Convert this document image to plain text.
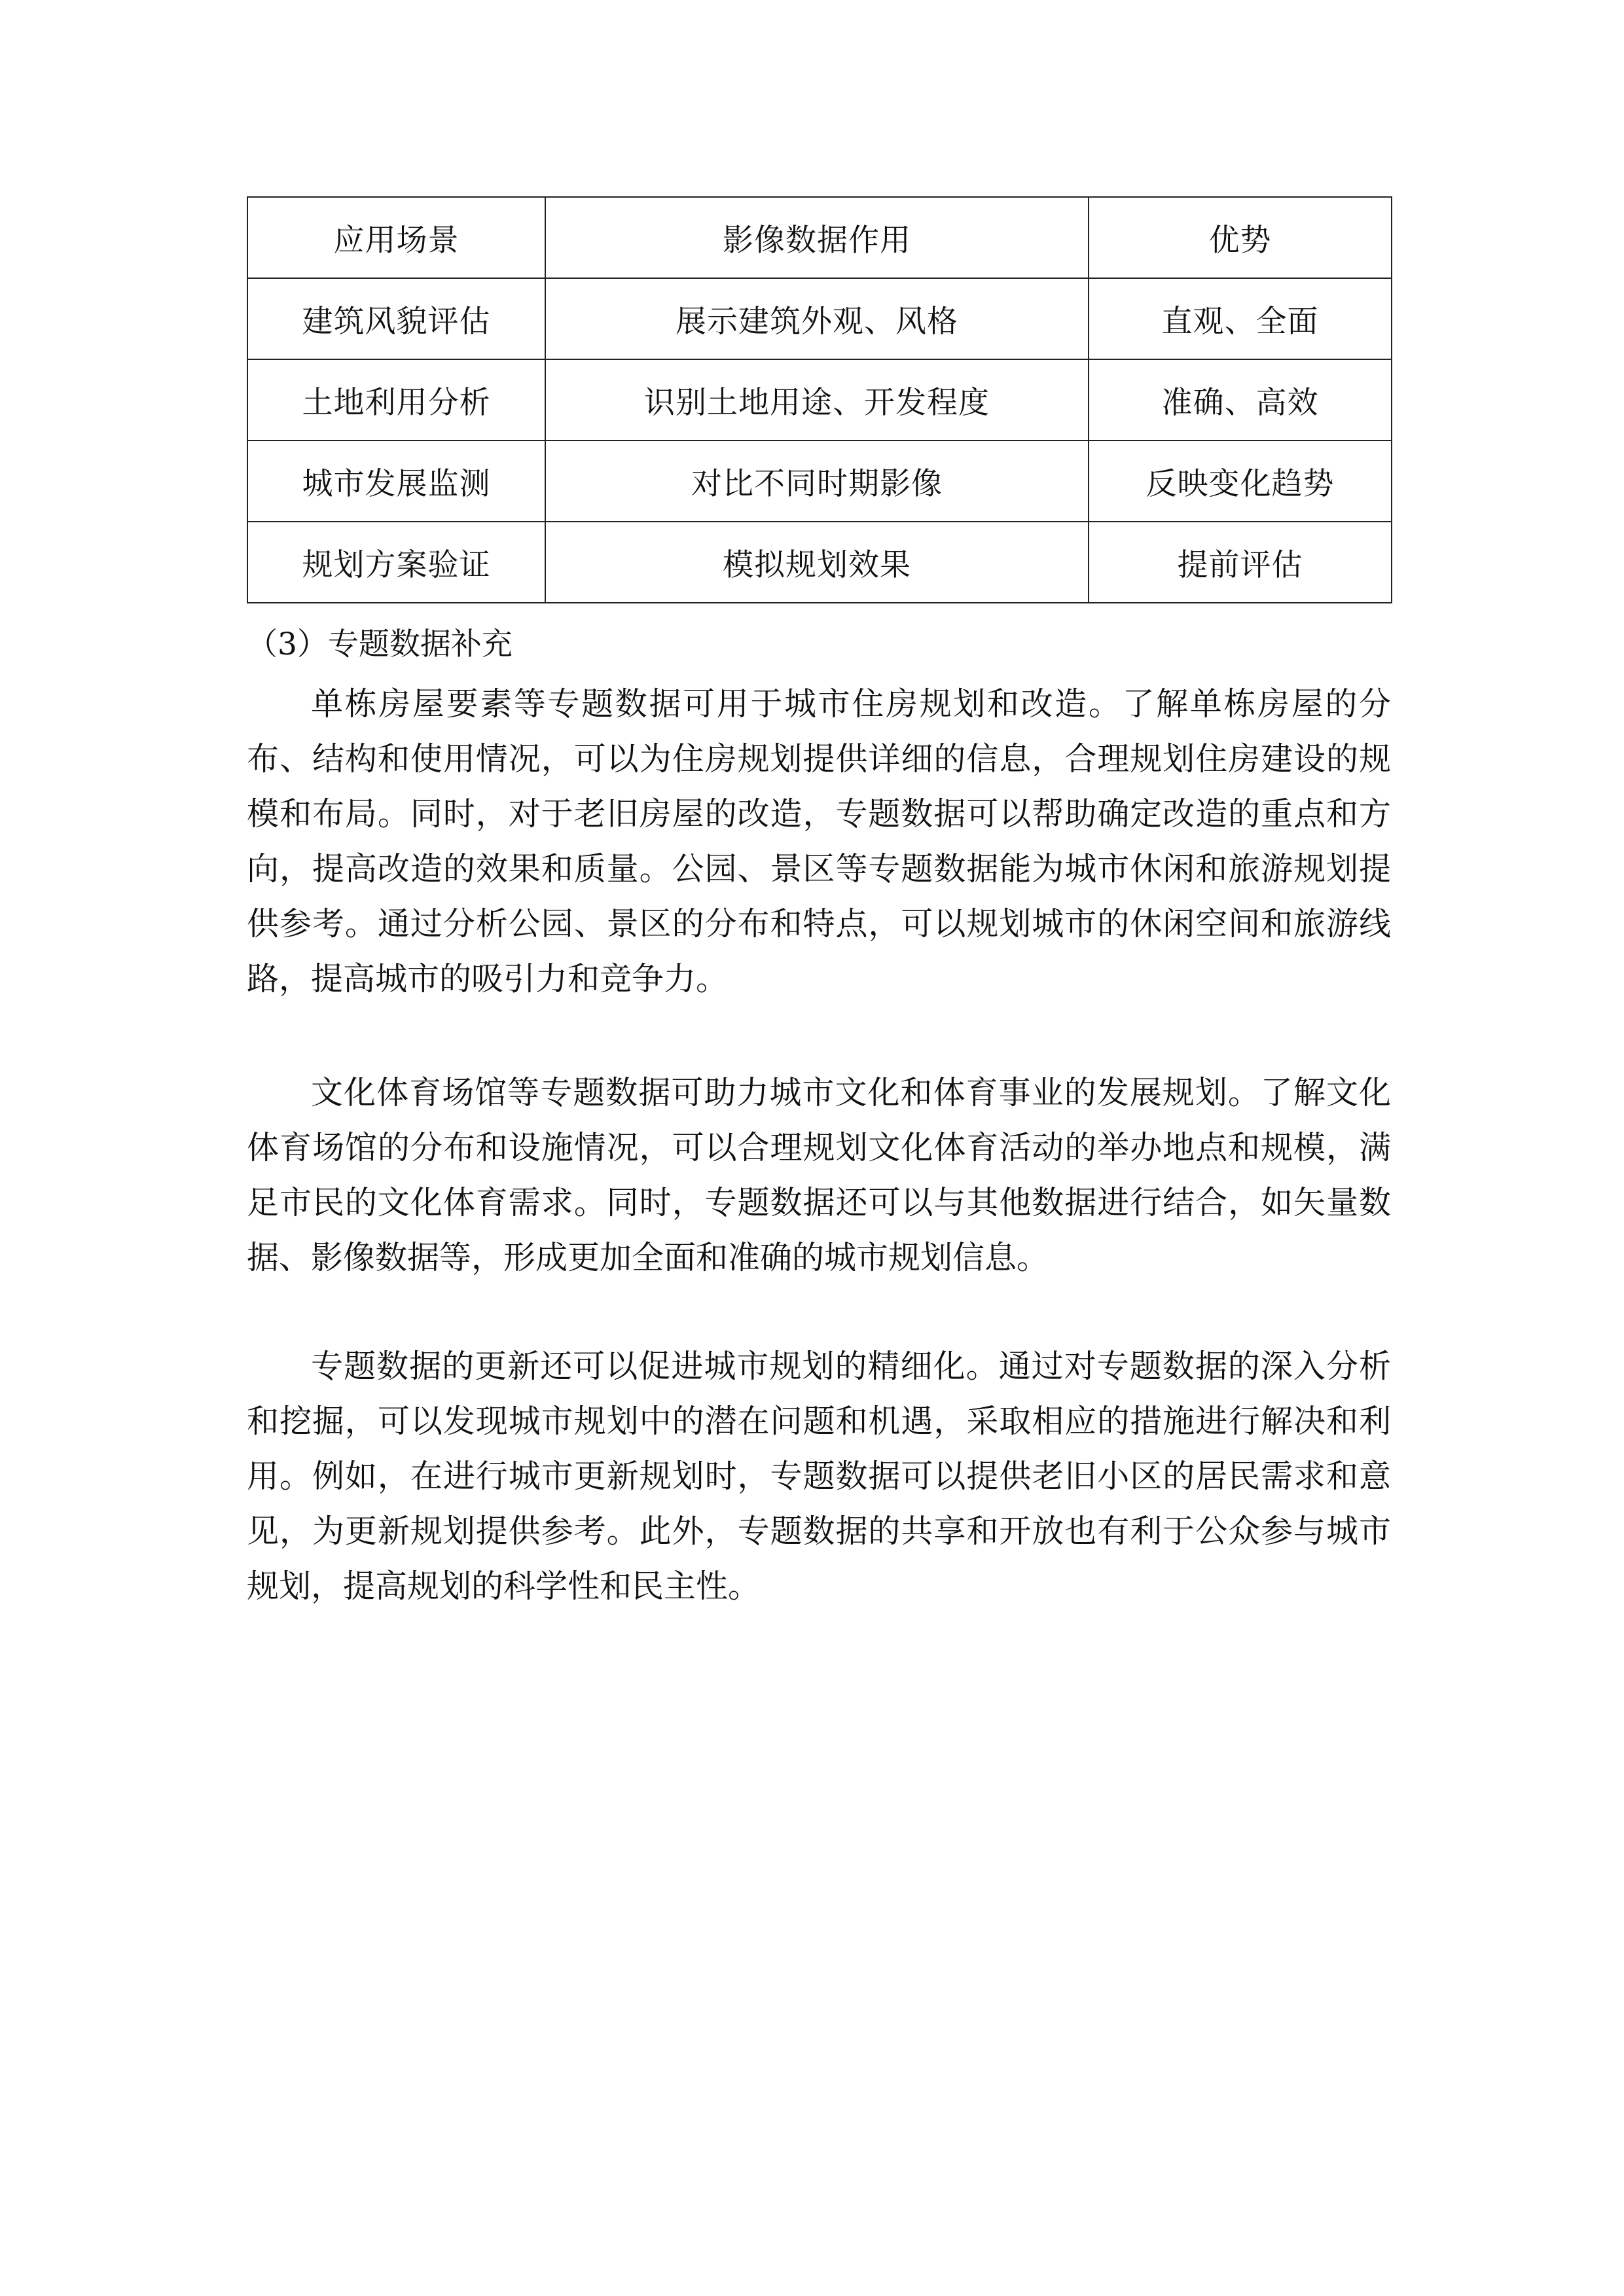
应用场景	影像数据作用	优势
建筑风貌评估	展示建筑外观、风格	直观、全面
土地利用分析	识别土地用途、开发程度	准确、高效
城市发展监测	对比不同时期影像	反映变化趋势
规划方案验证	模拟规划效果	提前评估
（3）专题数据补充

单栋房屋要素等专题数据可用于城市住房规划和改造。了解单栋房屋的分布、结构和使用情况，可以为住房规划提供详细的信息，合理规划住房建设的规模和布局。同时，对于老旧房屋的改造，专题数据可以帮助确定改造的重点和方向，提高改造的效果和质量。公园、景区等专题数据能为城市休闲和旅游规划提供参考。通过分析公园、景区的分布和特点，可以规划城市的休闲空间和旅游线路，提高城市的吸引力和竞争力。

文化体育场馆等专题数据可助力城市文化和体育事业的发展规划。了解文化体育场馆的分布和设施情况，可以合理规划文化体育活动的举办地点和规模，满足市民的文化体育需求。同时，专题数据还可以与其他数据进行结合，如矢量数据、影像数据等，形成更加全面和准确的城市规划信息。

专题数据的更新还可以促进城市规划的精细化。通过对专题数据的深入分析和挖掘，可以发现城市规划中的潜在问题和机遇，采取相应的措施进行解决和利用。例如，在进行城市更新规划时，专题数据可以提供老旧小区的居民需求和意见，为更新规划提供参考。此外，专题数据的共享和开放也有利于公众参与城市规划，提高规划的科学性和民主性。
